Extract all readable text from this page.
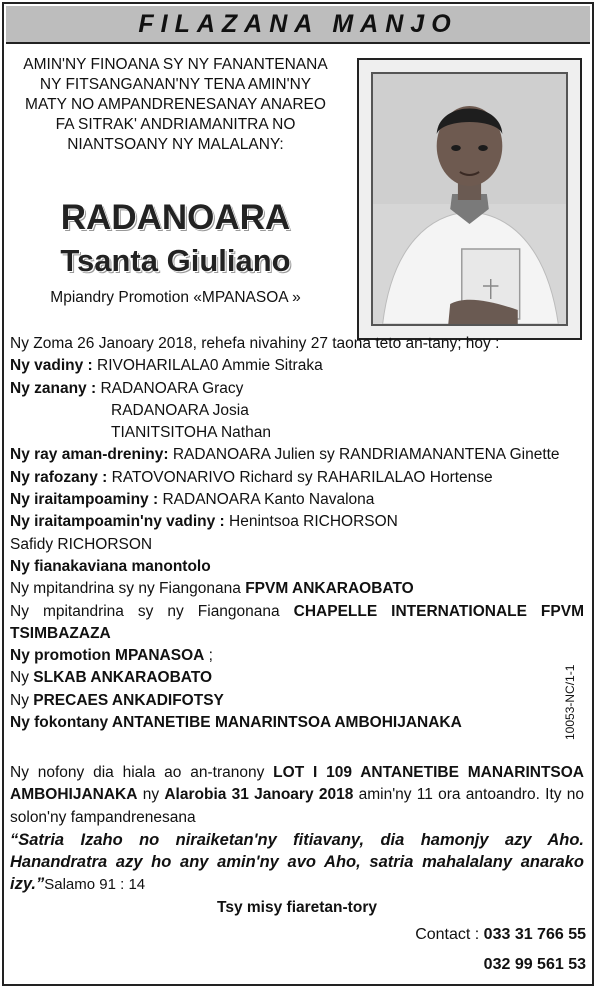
FILAZANA MANJO
AMIN'NY FINOANA SY NY FANANTENANA
NY FITSANGANAN'NY TENA AMIN'NY
MATY NO AMPANDRENESANAY ANAREO
FA SITRAK' ANDRIAMANITRA NO
NIANTSOANY NY MALALANY:
RADANOARA
Tsanta Giuliano
Mpiandry Promotion «MPANASOA »

Ny Zoma 26 Janoary 2018, rehefa nivahiny 27 taona teto an-tany; hoy :

Ny vadiny : RIVOHARILALA0 Ammie Sitraka

Ny zanany : RADANOARA Gracy

RADANOARA Josia

TIANITSITOHA Nathan

Ny ray aman-dreniny: RADANOARA Julien sy RANDRIAMANANTENA Ginette

Ny rafozany : RATOVONARIVO Richard sy RAHARILALAO Hortense

Ny iraitampoaminy : RADANOARA Kanto Navalona

Ny iraitampoamin'ny vadiny : Henintsoa RICHORSON

Safidy RICHORSON

Ny fianakaviana manontolo

Ny mpitandrina sy ny Fiangonana FPVM ANKARAOBATO

Ny mpitandrina sy ny Fiangonana CHAPELLE INTERNATIONALE FPVM TSIMBAZAZA

Ny promotion MPANASOA ;

Ny SLKAB ANKARAOBATO

Ny PRECAES ANKADIFOTSY

Ny fokontany ANTANETIBE MANARINTSOA AMBOHIJANAKA	10053-NC/1-1

Ny nofony dia hiala ao an-tranony LOT I 109 ANTANETIBE MANARINTSOA AMBOHIJANAKA ny Alarobia 31 Janoary 2018 amin'ny 11 ora antoandro. Ity no solon'ny fampandrenesana

“Satria Izaho no niraiketan'ny fitiavany, dia hamonjy azy Aho. Hanandratra azy ho any amin'ny avo Aho, satria mahalalany anarako izy.”Salamo 91 : 14

Tsy misy fiaretan-tory

Contact : 033 31 766 55
032 99 561 53
